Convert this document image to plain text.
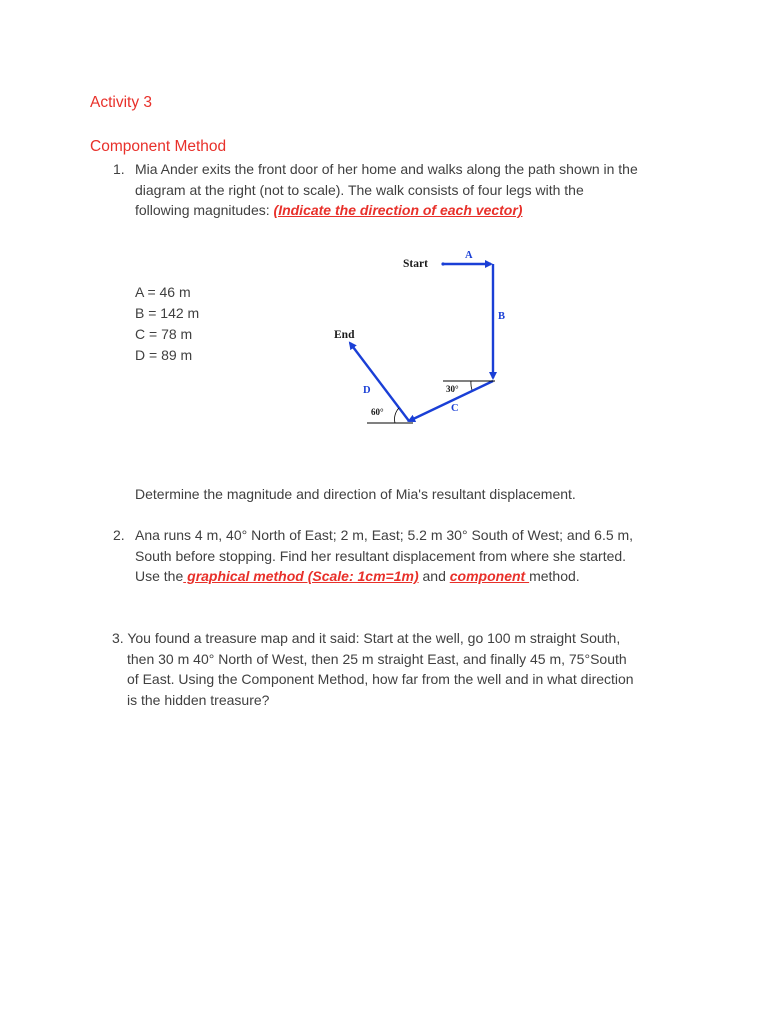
Activity 3
Component Method
1. Mia Ander exits the front door of her home and walks along the path shown in the
diagram at the right (not to scale). The walk consists of four legs with the
following magnitudes: (Indicate the direction of each vector)
A = 46 m
B = 142 m
C = 78 m
D = 89 m
Start
End
A
B
C
D	30°
60°
Determine the magnitude and direction of Mia's resultant displacement.
2. Ana runs 4 m, 40° North of East; 2 m, East; 5.2 m 30° South of West; and 6.5 m,
South before stopping. Find her resultant displacement from where she started.
Use the graphical method (Scale: 1cm=1m) and component method.
3. You found a treasure map and it said: Start at the well, go 100 m straight South,
then 30 m 40° North of West, then 25 m straight East, and finally 45 m, 75°South
of East. Using the Component Method, how far from the well and in what direction
is the hidden treasure?
